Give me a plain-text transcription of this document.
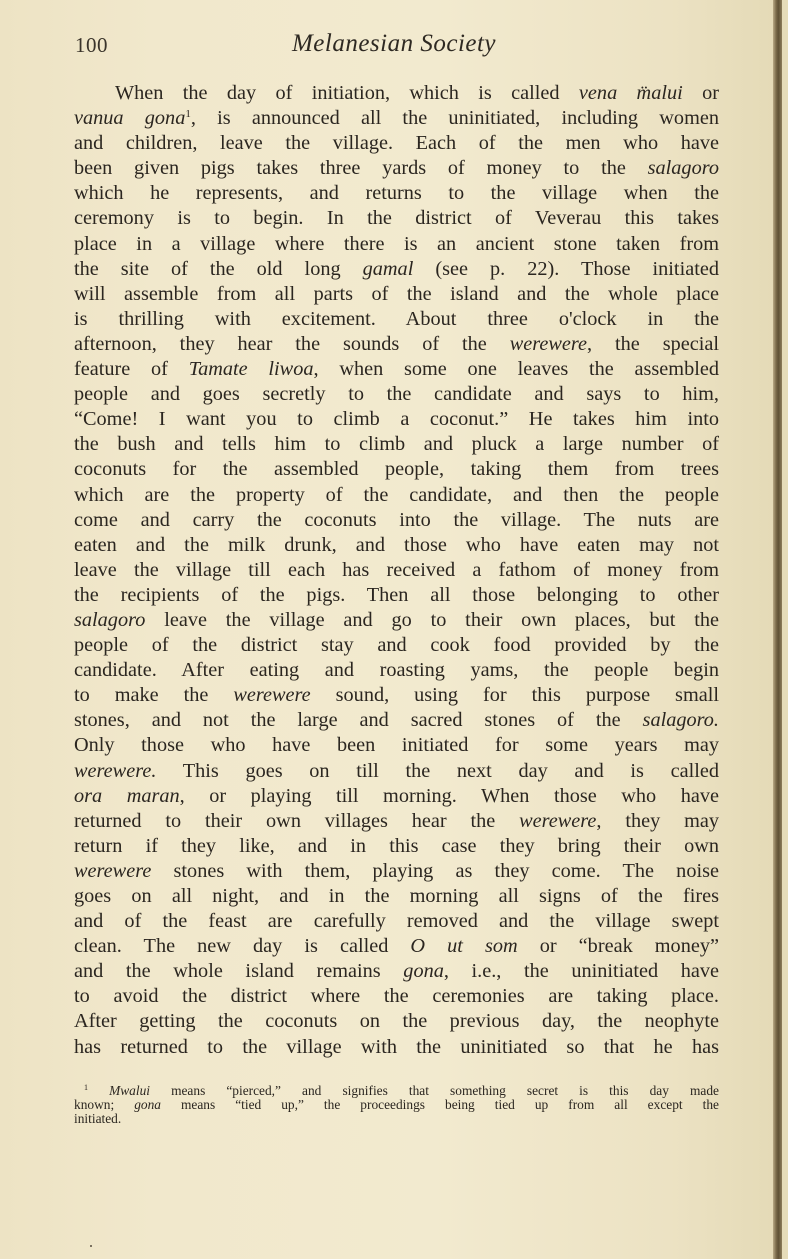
100	Melanesian Society
When the day of initiation, which is called vena m̈alui or
vanua gona$^1$, is announced all the uninitiated, including women
and children, leave the village. Each of the men who have
been given pigs takes three yards of money to the salagoro
which he represents, and returns to the village when the
ceremony is to begin. In the district of Veverau this takes
place in a village where there is an ancient stone taken from
the site of the old long gamal (see p. 22). Those initiated
will assemble from all parts of the island and the whole place
is thrilling with excitement. About three o'clock in the
afternoon, they hear the sounds of the werewere, the special
feature of Tamate liwoa, when some one leaves the assembled
people and goes secretly to the candidate and says to him,
“Come! I want you to climb a coconut.” He takes him into
the bush and tells him to climb and pluck a large number of
coconuts for the assembled people, taking them from trees
which are the property of the candidate, and then the people
come and carry the coconuts into the village. The nuts are
eaten and the milk drunk, and those who have eaten may not
leave the village till each has received a fathom of money from
the recipients of the pigs. Then all those belonging to other
salagoro leave the village and go to their own places, but the
people of the district stay and cook food provided by the
candidate. After eating and roasting yams, the people begin
to make the werewere sound, using for this purpose small
stones, and not the large and sacred stones of the salagoro.
Only those who have been initiated for some years may
werewere. This goes on till the next day and is called
ora maran, or playing till morning. When those who have
returned to their own villages hear the werewere, they may
return if they like, and in this case they bring their own
werewere stones with them, playing as they come. The noise
goes on all night, and in the morning all signs of the fires
and of the feast are carefully removed and the village swept
clean. The new day is called O ut som or “break money”
and the whole island remains gona, i.e., the uninitiated have
to avoid the district where the ceremonies are taking place.
After getting the coconuts on the previous day, the neophyte
has returned to the village with the uninitiated so that he has
$^1$ Mwalui means “pierced,” and signifies that something secret is this day made
known; gona means “tied up,” the proceedings being tied up from all except the
initiated.
